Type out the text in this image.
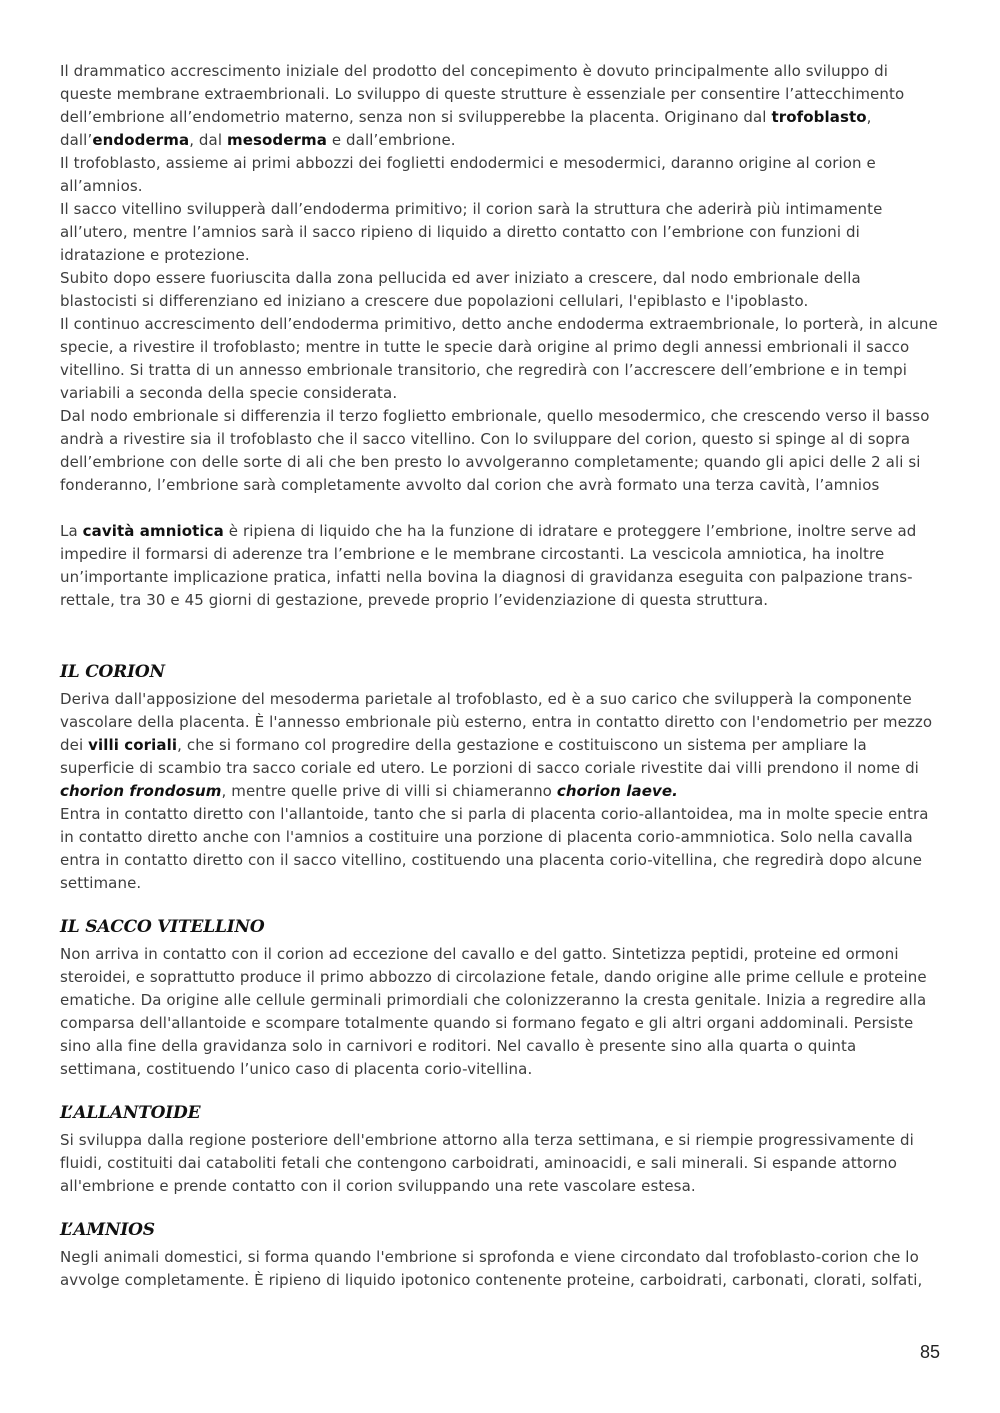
Il drammatico accrescimento iniziale del prodotto del concepimento è dovuto principalmente allo sviluppo di queste membrane extraembrionali. Lo sviluppo di queste strutture è essenziale per consentire l’attecchimento dell’embrione all’endometrio materno, senza non si svilupperebbe la placenta. Originano dal trofoblasto, dall’endoderma, dal mesoderma e dall’embrione.

Il trofoblasto, assieme ai primi abbozzi dei foglietti endodermici e mesodermici, daranno origine al corion e all’amnios.

Il sacco vitellino svilupperà dall’endoderma primitivo; il corion sarà la struttura che aderirà più intimamente all’utero, mentre l’amnios sarà il sacco ripieno di liquido a diretto contatto con l’embrione con funzioni di idratazione e protezione.

Subito dopo essere fuoriuscita dalla zona pellucida ed aver iniziato a crescere, dal nodo embrionale della blastocisti si differenziano ed iniziano a crescere due popolazioni cellulari, l'epiblasto e l'ipoblasto.

Il continuo accrescimento dell’endoderma primitivo, detto anche endoderma extraembrionale, lo porterà, in alcune specie, a rivestire il trofoblasto; mentre in tutte le specie darà origine al primo degli annessi embrionali il sacco vitellino. Si tratta di un annesso embrionale transitorio, che regredirà con l’accrescere dell’embrione e in tempi variabili a seconda della specie considerata.

Dal nodo embrionale si differenzia il terzo foglietto embrionale, quello mesodermico, che crescendo verso il basso andrà a rivestire sia il trofoblasto che il sacco vitellino. Con lo sviluppare del corion, questo si spinge al di sopra dell’embrione con delle sorte di ali che ben presto lo avvolgeranno completamente; quando gli apici delle 2 ali si fonderanno, l’embrione sarà completamente avvolto dal corion che avrà formato una terza cavità, l’amnios

La cavità amniotica è ripiena di liquido che ha la funzione di idratare e proteggere l’embrione, inoltre serve ad impedire il formarsi di aderenze tra l’embrione e le membrane circostanti. La vescicola amniotica, ha inoltre un’importante implicazione pratica, infatti nella bovina la diagnosi di gravidanza eseguita con palpazione trans-rettale, tra 30 e 45 giorni di gestazione, prevede proprio l’evidenziazione di questa struttura.

IL CORION

Deriva dall'apposizione del mesoderma parietale al trofoblasto, ed è a suo carico che svilupperà la componente vascolare della placenta. È l'annesso embrionale più esterno, entra in contatto diretto con l'endometrio per mezzo dei villi coriali, che si formano col progredire della gestazione e costituiscono un sistema per ampliare la superficie di scambio tra sacco coriale ed utero. Le porzioni di sacco coriale rivestite dai villi prendono il nome di chorion frondosum, mentre quelle prive di villi si chiameranno chorion laeve.

Entra in contatto diretto con l'allantoide, tanto che si parla di placenta corio-allantoidea, ma in molte specie entra in contatto diretto anche con l'amnios a costituire una porzione di placenta corio-ammniotica. Solo nella cavalla entra in contatto diretto con il sacco vitellino, costituendo una placenta corio-vitellina, che regredirà dopo alcune settimane.

IL SACCO VITELLINO

Non arriva in contatto con il corion ad eccezione del cavallo e del gatto. Sintetizza peptidi, proteine ed ormoni steroidei, e soprattutto produce il primo abbozzo di circolazione fetale, dando origine alle prime cellule e proteine ematiche. Da origine alle cellule germinali primordiali che colonizzeranno la cresta genitale. Inizia a regredire alla comparsa dell'allantoide e scompare totalmente quando si formano fegato e gli altri organi addominali. Persiste sino alla fine della gravidanza solo in carnivori e roditori. Nel cavallo è presente sino alla quarta o quinta settimana, costituendo l’unico caso di placenta corio-vitellina.

L’ALLANTOIDE

Si sviluppa dalla regione posteriore dell'embrione attorno alla terza settimana, e si riempie progressivamente di fluidi, costituiti dai cataboliti fetali che contengono carboidrati, aminoacidi, e sali minerali. Si espande attorno all'embrione e prende contatto con il corion sviluppando una rete vascolare estesa.

L’AMNIOS

Negli animali domestici, si forma quando l'embrione si sprofonda e viene circondato dal trofoblasto-corion che lo avvolge completamente. È ripieno di liquido ipotonico contenente proteine, carboidrati, carbonati, clorati, solfati,

85
